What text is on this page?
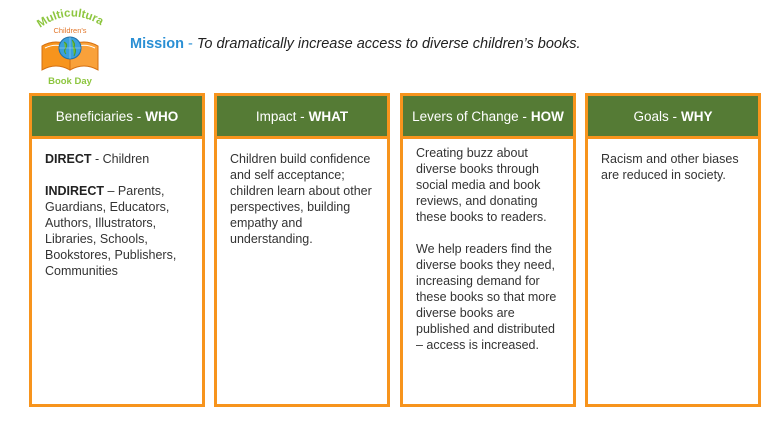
Multicultura
Children's
Book Day
Mission - To dramatically increase access to diverse children’s books.
Beneficiaries - WHO

DIRECT - Children

INDIRECT – Parents, Guardians, Educators, Authors, Illustrators, Libraries, Schools, Bookstores, Publishers, Communities

Impact - WHAT

Children build confidence and self acceptance; children learn about other perspectives, building empathy and understanding.

Levers of Change - HOW

Creating buzz about diverse books through social media and book reviews, and donating these books to readers.

We help readers find the diverse books they need, increasing demand for these books so that more diverse books are published and distributed – access is increased.

Goals - WHY

Racism and other biases are reduced in society.
